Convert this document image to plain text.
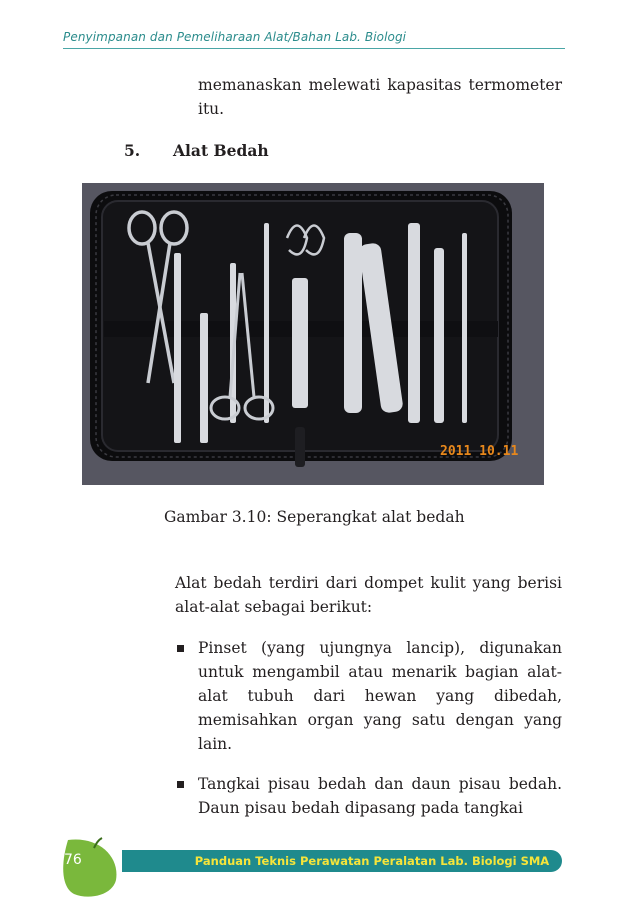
Penyimpanan dan Pemeliharaan Alat/Bahan Lab. Biologi

memanaskan melewati kapasitas termometer itu.

5. Alat Bedah
2011 10.11
Gambar 3.10: Seperangkat alat bedah

Alat bedah terdiri dari dompet kulit yang berisi alat-alat sebagai berikut:

Pinset (yang ujungnya lancip), digunakan untuk mengambil atau menarik bagian alat-alat tubuh dari hewan yang dibedah, memisahkan organ yang satu dengan yang lain.

Tangkai pisau bedah dan daun pisau bedah. Daun pisau bedah dipasang pada tangkai

76	Panduan Teknis Perawatan Peralatan Lab. Biologi SMA
